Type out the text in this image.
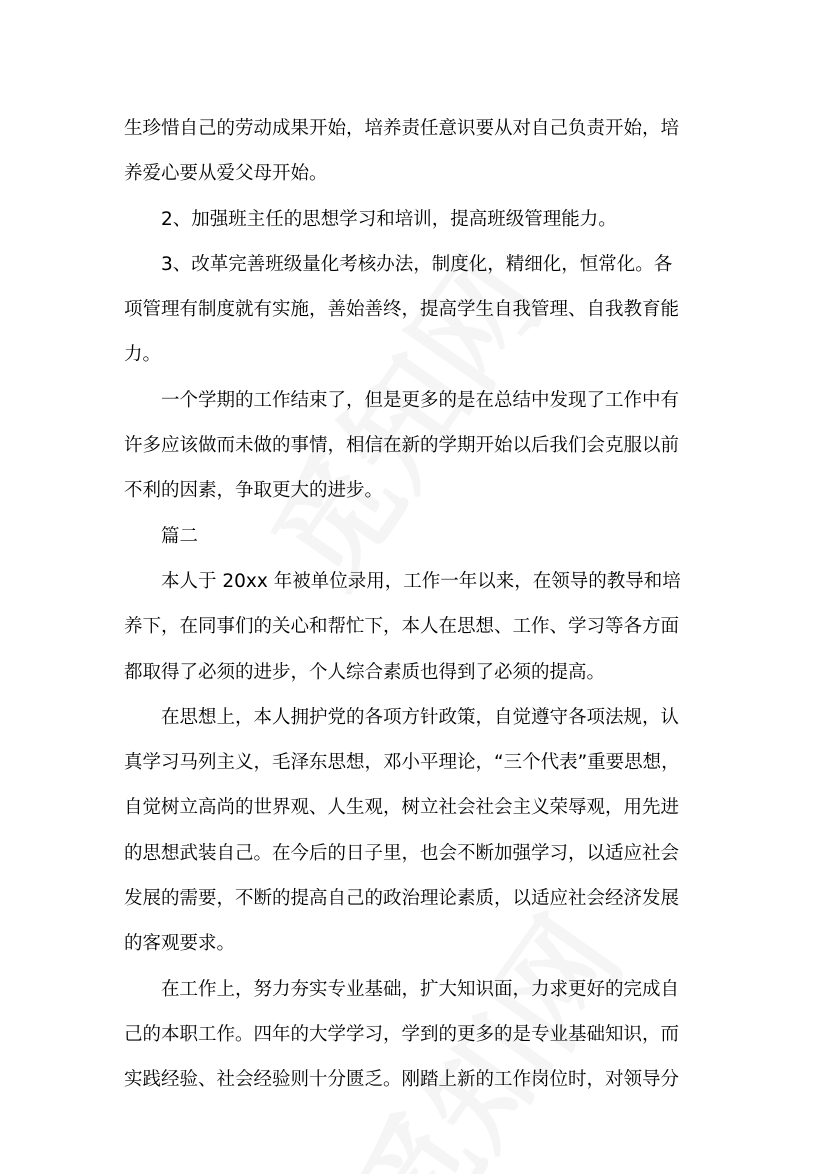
生珍惜自己的劳动成果开始，培养责任意识要从对自己负责开始，培
养爱心要从爱父母开始。
2、加强班主任的思想学习和培训，提高班级管理能力。
3、改革完善班级量化考核办法，制度化，精细化，恒常化。各
项管理有制度就有实施，善始善终，提高学生自我管理、自我教育能
力。
一个学期的工作结束了，但是更多的是在总结中发现了工作中有
许多应该做而未做的事情，相信在新的学期开始以后我们会克服以前
不利的因素，争取更大的进步。
篇二
本人于 20xx 年被单位录用，工作一年以来，在领导的教导和培
养下，在同事们的关心和帮忙下，本人在思想、工作、学习等各方面
都取得了必须的进步，个人综合素质也得到了必须的提高。
在思想上，本人拥护党的各项方针政策，自觉遵守各项法规，认
真学习马列主义，毛泽东思想，邓小平理论，“三个代表”重要思想，
自觉树立高尚的世界观、人生观，树立社会社会主义荣辱观，用先进
的思想武装自己。在今后的日子里，也会不断加强学习，以适应社会
发展的需要，不断的提高自己的政治理论素质，以适应社会经济发展
的客观要求。
在工作上，努力夯实专业基础，扩大知识面，力求更好的完成自
己的本职工作。四年的大学学习，学到的更多的是专业基础知识，而
实践经验、社会经验则十分匮乏。刚踏上新的工作岗位时，对领导分
